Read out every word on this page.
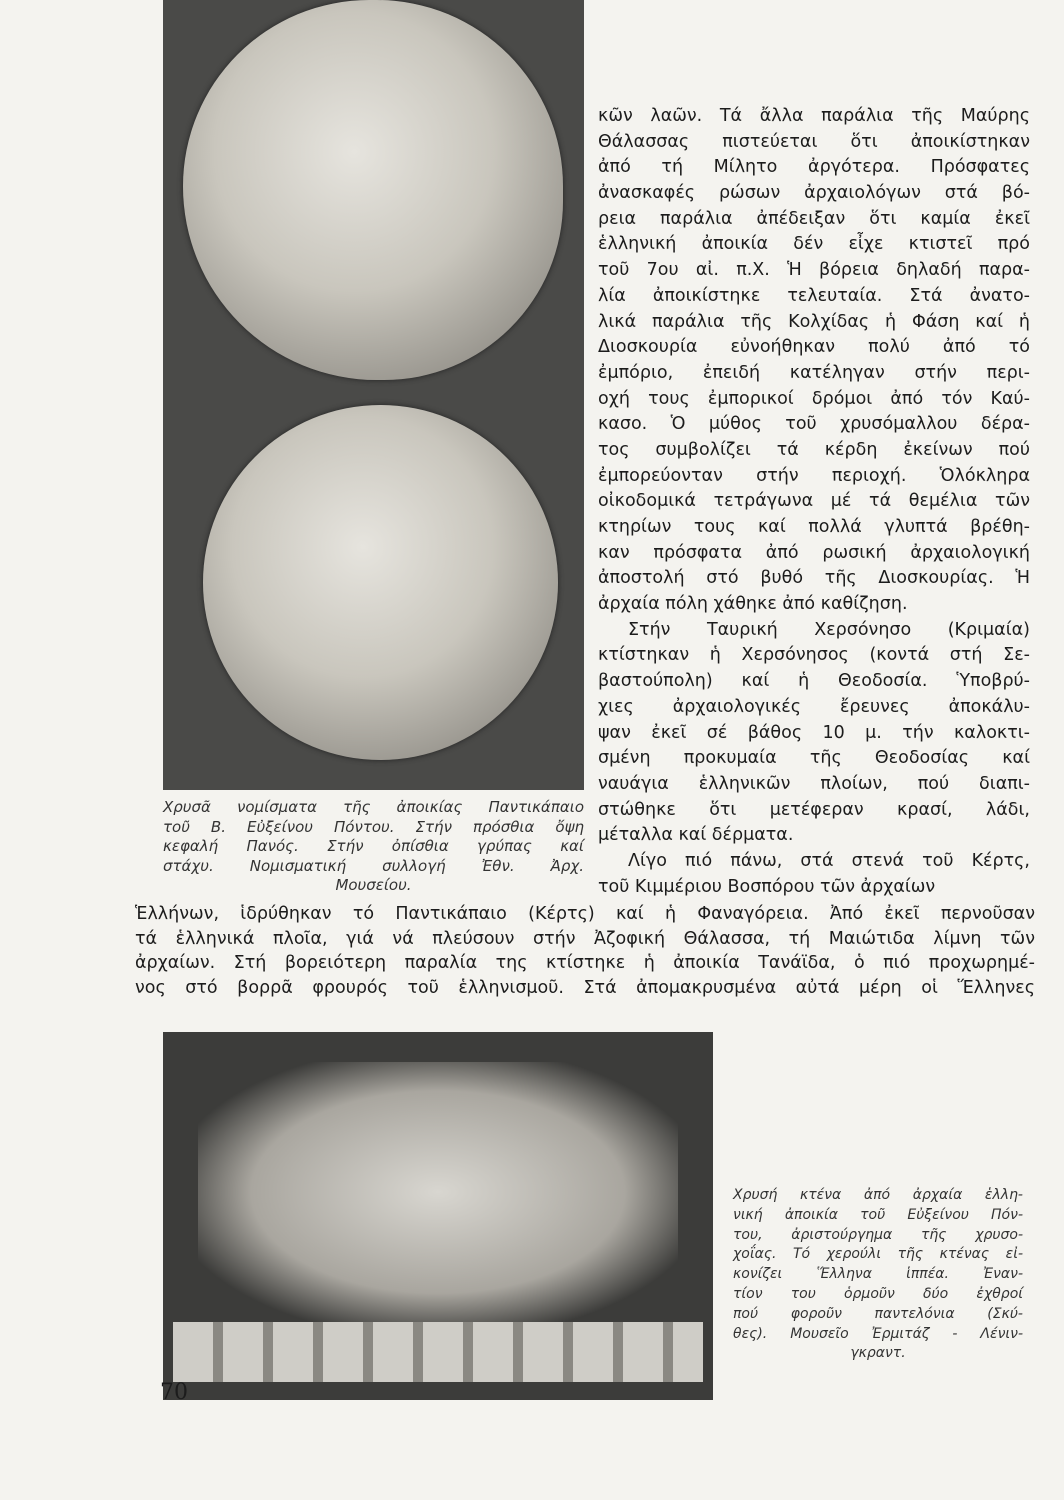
Χρυσᾶ νομίσματα τῆς ἀποικίας Παντικάπαιο
τοῦ Β. Εὐξείνου Πόντου. Στήν πρόσθια ὄψη
κεφαλή Πανός. Στήν ὀπίσθια γρύπας καί
στάχυ. Νομισματική συλλογή Ἐθν. Ἀρχ.
Μουσείου.
κῶν λαῶν. Τά ἄλλα παράλια τῆς Μαύρης
Θάλασσας πιστεύεται ὅτι ἀποικίστηκαν
ἀπό τή Μίλητο ἀργότερα. Πρόσφατες
ἀνασκαφές ρώσων ἀρχαιολόγων στά βό-
ρεια παράλια ἀπέδειξαν ὅτι καμία ἐκεῖ
ἑλληνική ἀποικία δέν εἶχε κτιστεῖ πρό
τοῦ 7ου αἰ. π.Χ. Ἡ βόρεια δηλαδή παρα-
λία ἀποικίστηκε τελευταία. Στά ἀνατο-
λικά παράλια τῆς Κολχίδας ἡ Φάση καί ἡ
Διοσκουρία εὐνοήθηκαν πολύ ἀπό τό
ἐμπόριο, ἐπειδή κατέληγαν στήν περι-
οχή τους ἐμπορικοί δρόμοι ἀπό τόν Καύ-
κασο. Ὁ μύθος τοῦ χρυσόμαλλου δέρα-
τος συμβολίζει τά κέρδη ἐκείνων πού
ἐμπορεύονταν στήν περιοχή. Ὁλόκληρα
οἰκοδομικά τετράγωνα μέ τά θεμέλια τῶν
κτηρίων τους καί πολλά γλυπτά βρέθη-
καν πρόσφατα ἀπό ρωσική ἀρχαιολογική
ἀποστολή στό βυθό τῆς Διοσκουρίας. Ἡ
ἀρχαία πόλη χάθηκε ἀπό καθίζηση.
Στήν Ταυρική Χερσόνησο (Κριμαία)
κτίστηκαν ἡ Χερσόνησος (κοντά στή Σε-
βαστούπολη) καί ἡ Θεοδοσία. Ὑποβρύ-
χιες ἀρχαιολογικές ἔρευνες ἀποκάλυ-
ψαν ἐκεῖ σέ βάθος 10 μ. τήν καλοκτι-
σμένη προκυμαία τῆς Θεοδοσίας καί
ναυάγια ἑλληνικῶν πλοίων, πού διαπι-
στώθηκε ὅτι μετέφεραν κρασί, λάδι,
μέταλλα καί δέρματα.
Λίγο πιό πάνω, στά στενά τοῦ Κέρτς,
τοῦ Κιμμέριου Βοσπόρου τῶν ἀρχαίων
Ἑλλήνων, ἱδρύθηκαν τό Παντικάπαιο (Κέρτς) καί ἡ Φαναγόρεια. Ἀπό ἐκεῖ περνοῦσαν
τά ἑλληνικά πλοῖα, γιά νά πλεύσουν στήν Ἀζοφική Θάλασσα, τή Μαιώτιδα λίμνη τῶν
ἀρχαίων. Στή βορειότερη παραλία της κτίστηκε ἡ ἀποικία Τανάϊδα, ὁ πιό προχωρημέ-
νος στό βορρᾶ φρουρός τοῦ ἑλληνισμοῦ. Στά ἀπομακρυσμένα αὐτά μέρη οἱ Ἕλληνες
Χρυσή κτένα ἀπό ἀρχαία ἑλλη-
νική ἀποικία τοῦ Εὐξείνου Πόν-
του, ἀριστούργημα τῆς χρυσο-
χοΐας. Τό χερούλι τῆς κτένας εἰ-
κονίζει Ἕλληνα ἱππέα. Ἐναν-
τίον του ὁρμοῦν δύο ἐχθροί
πού φοροῦν παντελόνια (Σκύ-
θες). Μουσεῖο Ἐρμιτάζ - Λένιν-
γκραντ.
70
